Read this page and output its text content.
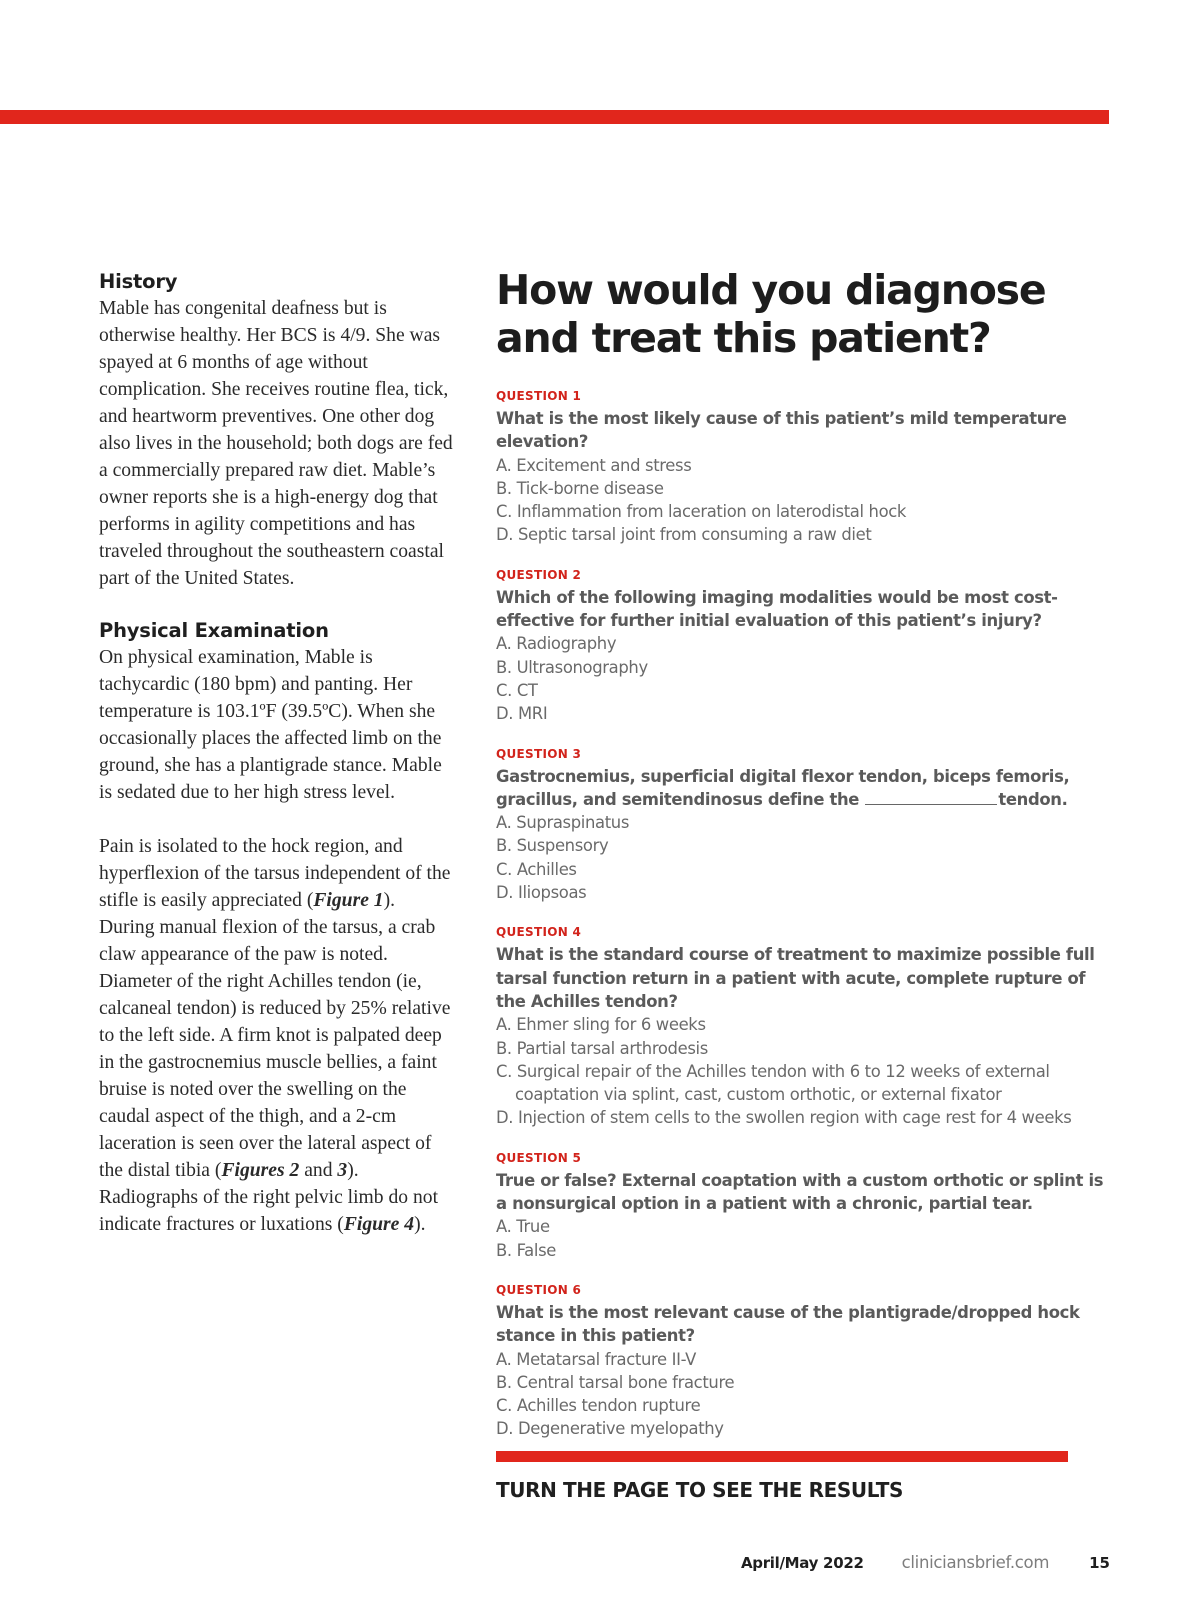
History

Mable has congenital deafness but is otherwise healthy. Her BCS is 4/9. She was spayed at 6 months of age without complication. She receives routine flea, tick, and heartworm preventives. One other dog also lives in the household; both dogs are fed a commercially prepared raw diet. Mable’s owner reports she is a high-energy dog that performs in agility competitions and has traveled throughout the southeastern coastal part of the United States.

Physical Examination

On physical examination, Mable is tachycardic (180 bpm) and panting. Her temperature is 103.1ºF (39.5ºC). When she occasionally places the affected limb on the ground, she has a plantigrade stance. Mable is sedated due to her high stress level.

Pain is isolated to the hock region, and hyperflexion of the tarsus independent of the stifle is easily appreciated (Figure 1). During manual flexion of the tarsus, a crab claw appearance of the paw is noted. Diameter of the right Achilles tendon (ie, calcaneal tendon) is reduced by 25% relative to the left side. A firm knot is palpated deep in the gastrocnemius muscle bellies, a faint bruise is noted over the swelling on the caudal aspect of the thigh, and a 2-cm laceration is seen over the lateral aspect of the distal tibia (Figures 2 and 3). Radiographs of the right pelvic limb do not indicate fractures or luxations (Figure 4).

How would you diagnose
and treat this patient?
QUESTION 1

What is the most likely cause of this patient’s mild temperature elevation?

A. Excitement and stress
B. Tick-borne disease
C. Inflammation from laceration on laterodistal hock
D. Septic tarsal joint from consuming a raw diet
QUESTION 2

Which of the following imaging modalities would be most cost-effective for further initial evaluation of this patient’s injury?

A. Radiography
B. Ultrasonography
C. CT
D. MRI
QUESTION 3

Gastrocnemius, superficial digital flexor tendon, biceps femoris, gracillus, and semitendinosus define the	tendon.

A. Supraspinatus
B. Suspensory
C. Achilles
D. Iliopsoas
QUESTION 4

What is the standard course of treatment to maximize possible full tarsal function return in a patient with acute, complete rupture of the Achilles tendon?

A. Ehmer sling for 6 weeks
B. Partial tarsal arthrodesis
C. Surgical repair of the Achilles tendon with 6 to 12 weeks of external coaptation via splint, cast, custom orthotic, or external fixator
D. Injection of stem cells to the swollen region with cage rest for 4 weeks
QUESTION 5

True or false? External coaptation with a custom orthotic or splint is a nonsurgical option in a patient with a chronic, partial tear.

A. True
B. False
QUESTION 6

What is the most relevant cause of the plantigrade/dropped hock stance in this patient?

A. Metatarsal fracture II-V
B. Central tarsal bone fracture
C. Achilles tendon rupture
D. Degenerative myelopathy
TURN THE PAGE TO SEE THE RESULTS
April/May 2022 cliniciansbrief.com	15
